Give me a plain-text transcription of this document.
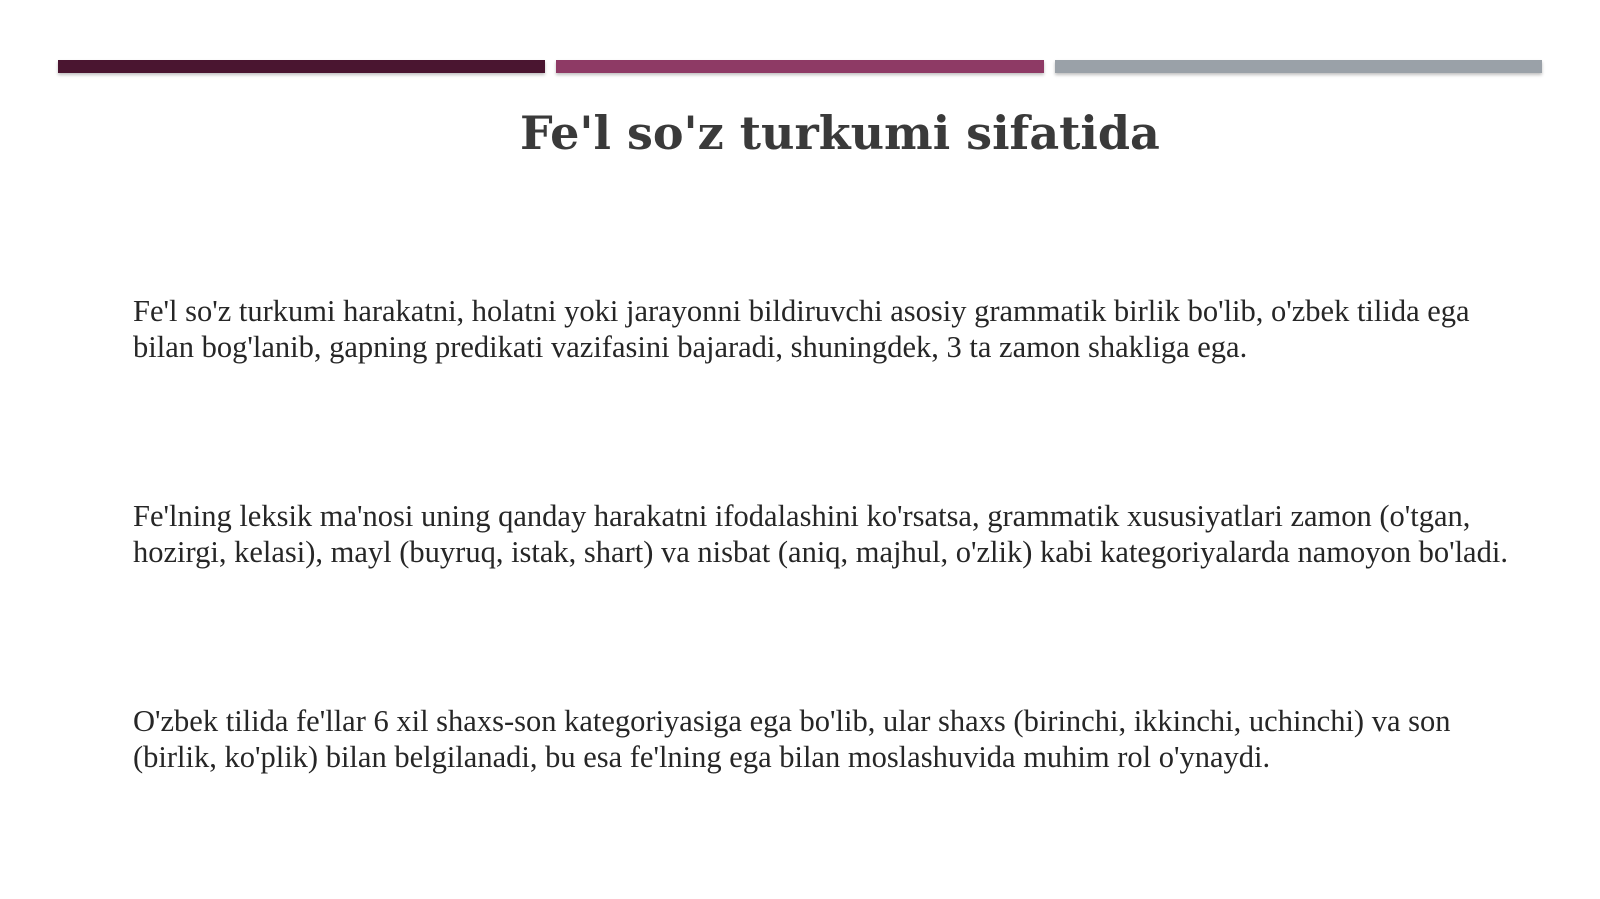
Fe'l so'z turkumi sifatida

Fe'l so'z turkumi harakatni, holatni yoki jarayonni bildiruvchi asosiy grammatik birlik bo'lib, o'zbek tilida ega bilan bog'lanib, gapning predikati vazifasini bajaradi, shuningdek, 3 ta zamon shakliga ega.

Fe'lning leksik ma'nosi uning qanday harakatni ifodalashini ko'rsatsa, grammatik xususiyatlari zamon (o'tgan, hozirgi, kelasi), mayl (buyruq, istak, shart) va nisbat (aniq, majhul, o'zlik) kabi kategoriyalarda namoyon bo'ladi.

O'zbek tilida fe'llar 6 xil shaxs-son kategoriyasiga ega bo'lib, ular shaxs (birinchi, ikkinchi, uchinchi) va son (birlik, ko'plik) bilan belgilanadi, bu esa fe'lning ega bilan moslashuvida muhim rol o'ynaydi.
